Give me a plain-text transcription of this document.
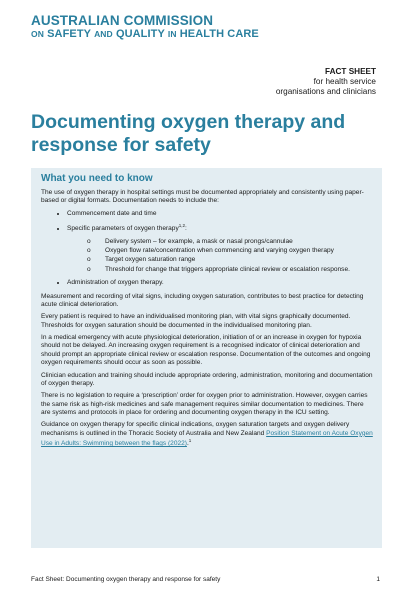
AUSTRALIAN COMMISSION
ON SAFETY AND QUALITY IN HEALTH CARE
FACT SHEET
for health service
organisations and clinicians
Documenting oxygen therapy and response for safety
What you need to know

The use of oxygen therapy in hospital settings must be documented appropriately and consistently using paper-based or digital formats. Documentation needs to include the:

• Commencement date and time
• Specific parameters of oxygen therapy$^{1,2}$:
o Delivery system – for example, a mask or nasal prongs/cannulae
o Oxygen flow rate/concentration when commencing and varying oxygen therapy
o Target oxygen saturation range
o Threshold for change that triggers appropriate clinical review or escalation response.
• Administration of oxygen therapy.

Measurement and recording of vital signs, including oxygen saturation, contributes to best practice for detecting acute clinical deterioration.

Every patient is required to have an individualised monitoring plan, with vital signs graphically documented. Thresholds for oxygen saturation should be documented in the individualised monitoring plan.

In a medical emergency with acute physiological deterioration, initiation of or an increase in oxygen for hypoxia should not be delayed. An increasing oxygen requirement is a recognised indicator of clinical deterioration and should prompt an appropriate clinical review or escalation response. Documentation of the outcomes and ongoing oxygen requirements should occur as soon as possible.

Clinician education and training should include appropriate ordering, administration, monitoring and documentation of oxygen therapy.

There is no legislation to require a ‘prescription’ order for oxygen prior to administration. However, oxygen carries the same risk as high-risk medicines and safe management requires similar documentation to medicines. There are systems and protocols in place for ordering and documenting oxygen therapy in the ICU setting.

Guidance on oxygen therapy for specific clinical indications, oxygen saturation targets and oxygen delivery mechanisms is outlined in the Thoracic Society of Australia and New Zealand Position Statement on Acute Oxygen Use in Adults: Swimming between the flags (2022).$^1$

Fact Sheet: Documenting oxygen therapy and response for safety	1
